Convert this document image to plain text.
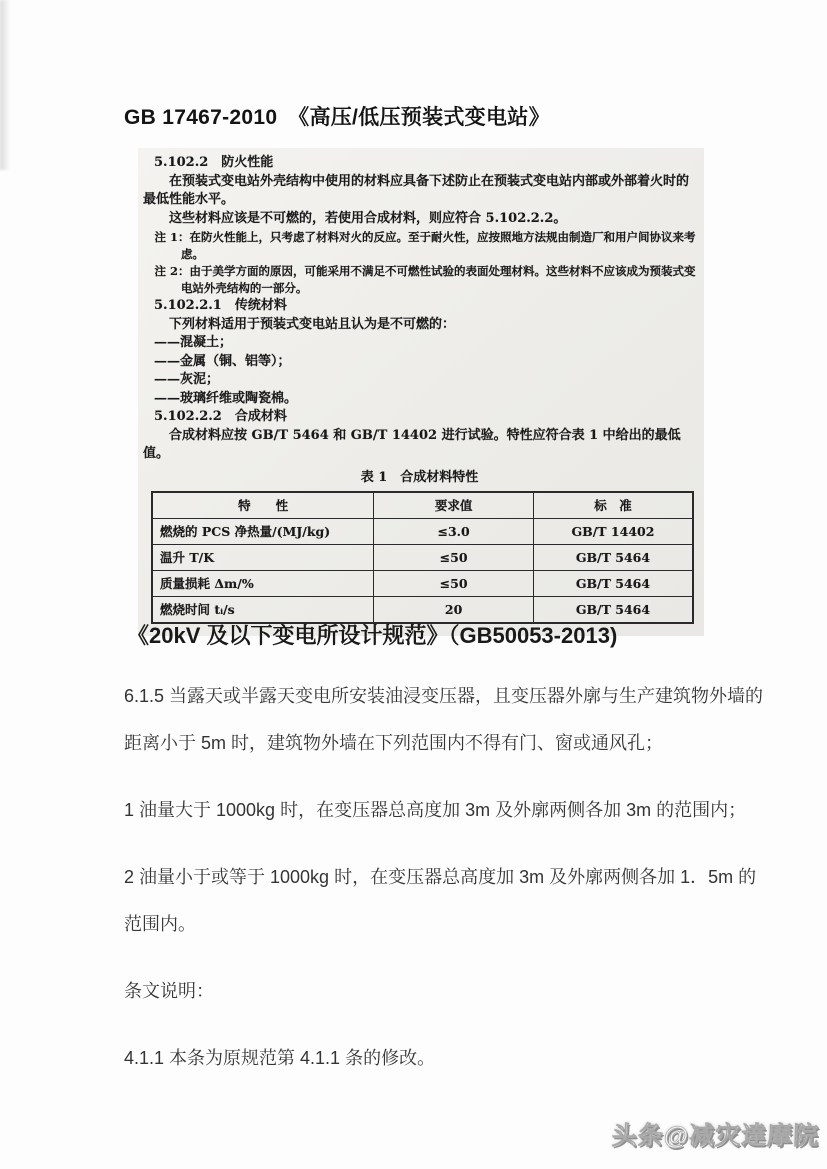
GB 17467-2010　《高压/低压预装式变电站》
5.102.2　防火性能
在预装式变电站外壳结构中使用的材料应具备下述防止在预装式变电站内部或外部着火时的最低性能水平。
这些材料应该是不可燃的，若使用合成材料，则应符合 5.102.2.2。
注 1：在防火性能上，只考虑了材料对火的反应。至于耐火性，应按照地方法规由制造厂和用户间协议来考虑。
注 2：由于美学方面的原因，可能采用不满足不可燃性试验的表面处理材料。这些材料不应该成为预装式变电站外壳结构的一部分。
5.102.2.1　传统材料
下列材料适用于预装式变电站且认为是不可燃的：
——混凝土；
——金属（铜、铝等）；
——灰泥；
——玻璃纤维或陶瓷棉。
5.102.2.2　合成材料
合成材料应按 GB/T 5464 和 GB/T 14402 进行试验。特性应符合表 1 中给出的最低值。
表 1　合成材料特性
特　　性	要求值	标　准
燃烧的 PCS 净热量/(MJ/kg)	≤3.0	GB/T 14402
温升 T/K	≤50	GB/T 5464
质量损耗 Δm/%	≤50	GB/T 5464
燃烧时间 tᵢ/s	20	GB/T 5464
《20kV 及以下变电所设计规范》（GB50053-2013)

6.1.5 当露天或半露天变电所安装油浸变压器，且变压器外廓与生产建筑物外墙的距离小于 5m 时，建筑物外墙在下列范围内不得有门、窗或通风孔；

1 油量大于 1000kg 时，在变压器总高度加 3m 及外廓两侧各加 3m 的范围内；

2 油量小于或等于 1000kg 时，在变压器总高度加 3m 及外廓两侧各加 1．5m 的范围内。

条文说明：

4.1.1 本条为原规范第 4.1.1 条的修改。

头条@减灾達摩院
